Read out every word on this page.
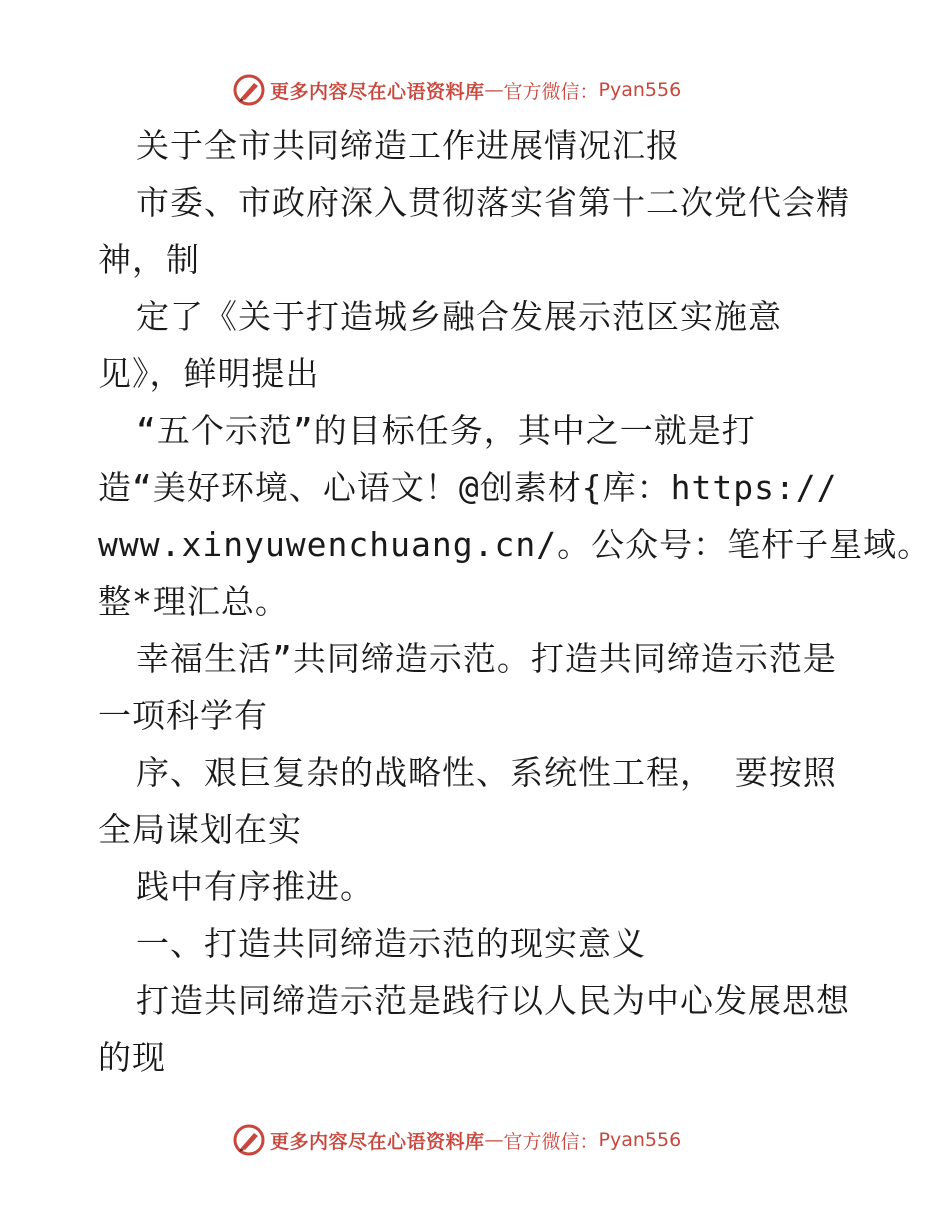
更多内容尽在心语资料库 — 官方微信： Pyan556
关于全市共同缔造工作进展情况汇报
市委、市政府深入贯彻落实省第十二次党代会精
神，制
定了《关于打造城乡融合发展示范区实施意
见》，鲜明提出
“五个示范”的目标任务，其中之一就是打
造“美好环境、心语文！@创素材{库：https://
www.xinyuwenchuang.cn/。公众号：笔杆子星域。
整*理汇总。
幸福生活”共同缔造示范。打造共同缔造示范是
一项科学有
序、艰巨复杂的战略性、系统性工程， 要按照
全局谋划在实
践中有序推进。
一、打造共同缔造示范的现实意义
打造共同缔造示范是践行以人民为中心发展思想
的现
更多内容尽在心语资料库 — 官方微信： Pyan556
